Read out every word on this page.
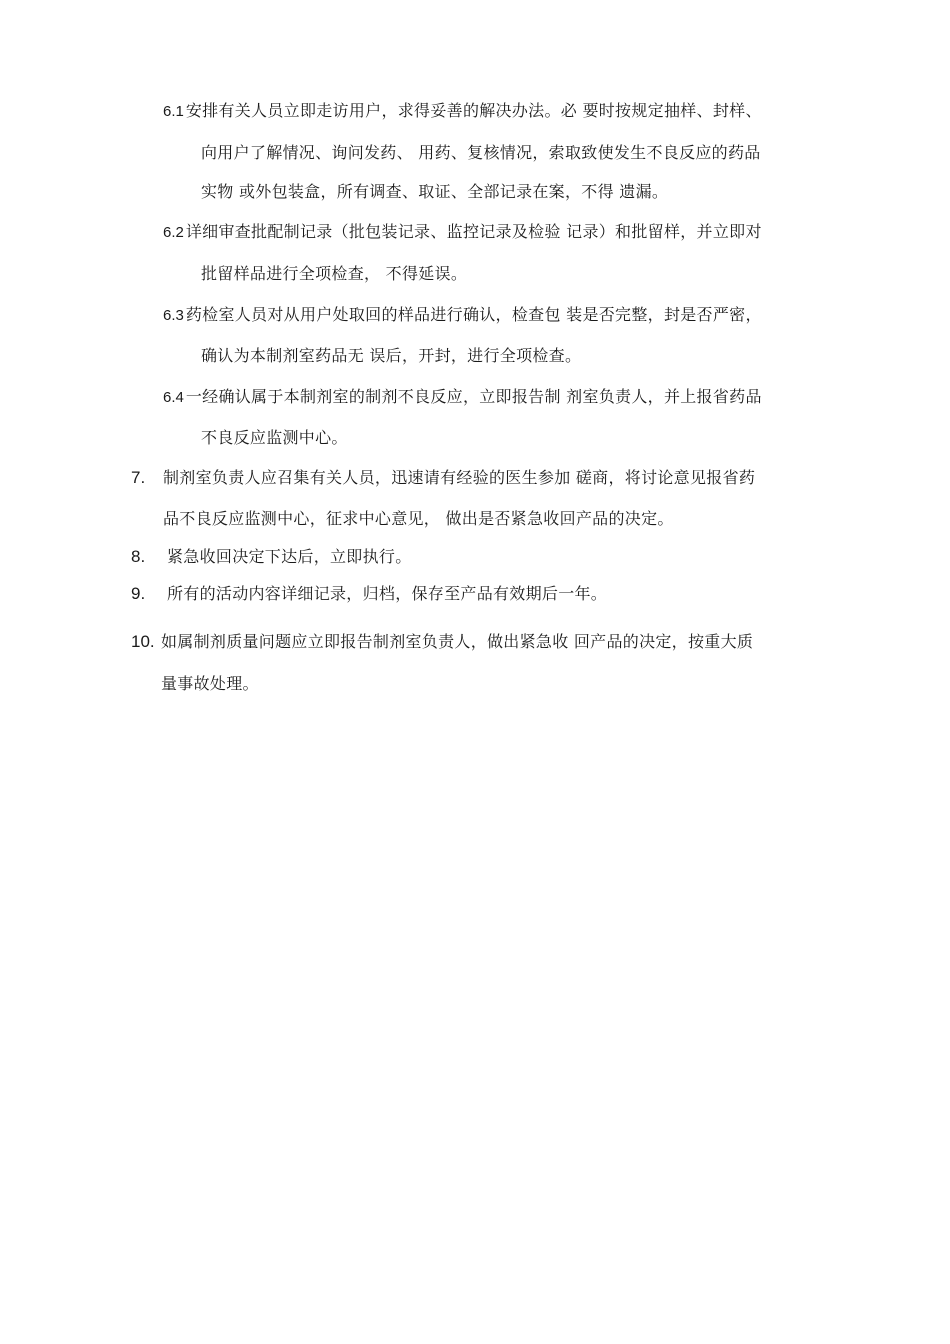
6.1 安排有关人员立即走访用户，求得妥善的解决办法。必 要时按规定抽样、封样、
向用户了解情况、询问发药、 用药、复核情况，索取致使发生不良反应的药品
实物 或外包装盒，所有调查、取证、全部记录在案，不得 遗漏。
6.2 详细审查批配制记录（批包装记录、监控记录及检验 记录）和批留样，并立即对
批留样品进行全项检查， 不得延误。
6.3 药检室人员对从用户处取回的样品进行确认，检查包 装是否完整，封是否严密，
确认为本制剂室药品无 误后，开封，进行全项检查。
6.4 一经确认属于本制剂室的制剂不良反应，立即报告制 剂室负责人，并上报省药品
不良反应监测中心。
7. 制剂室负责人应召集有关人员，迅速请有经验的医生参加 磋商，将讨论意见报省药
品不良反应监测中心，征求中心意见， 做出是否紧急收回产品的决定。
8. 紧急收回决定下达后，立即执行。
9. 所有的活动内容详细记录，归档，保存至产品有效期后一年。
10. 如属制剂质量问题应立即报告制剂室负责人，做出紧急收 回产品的决定，按重大质
量事故处理。
